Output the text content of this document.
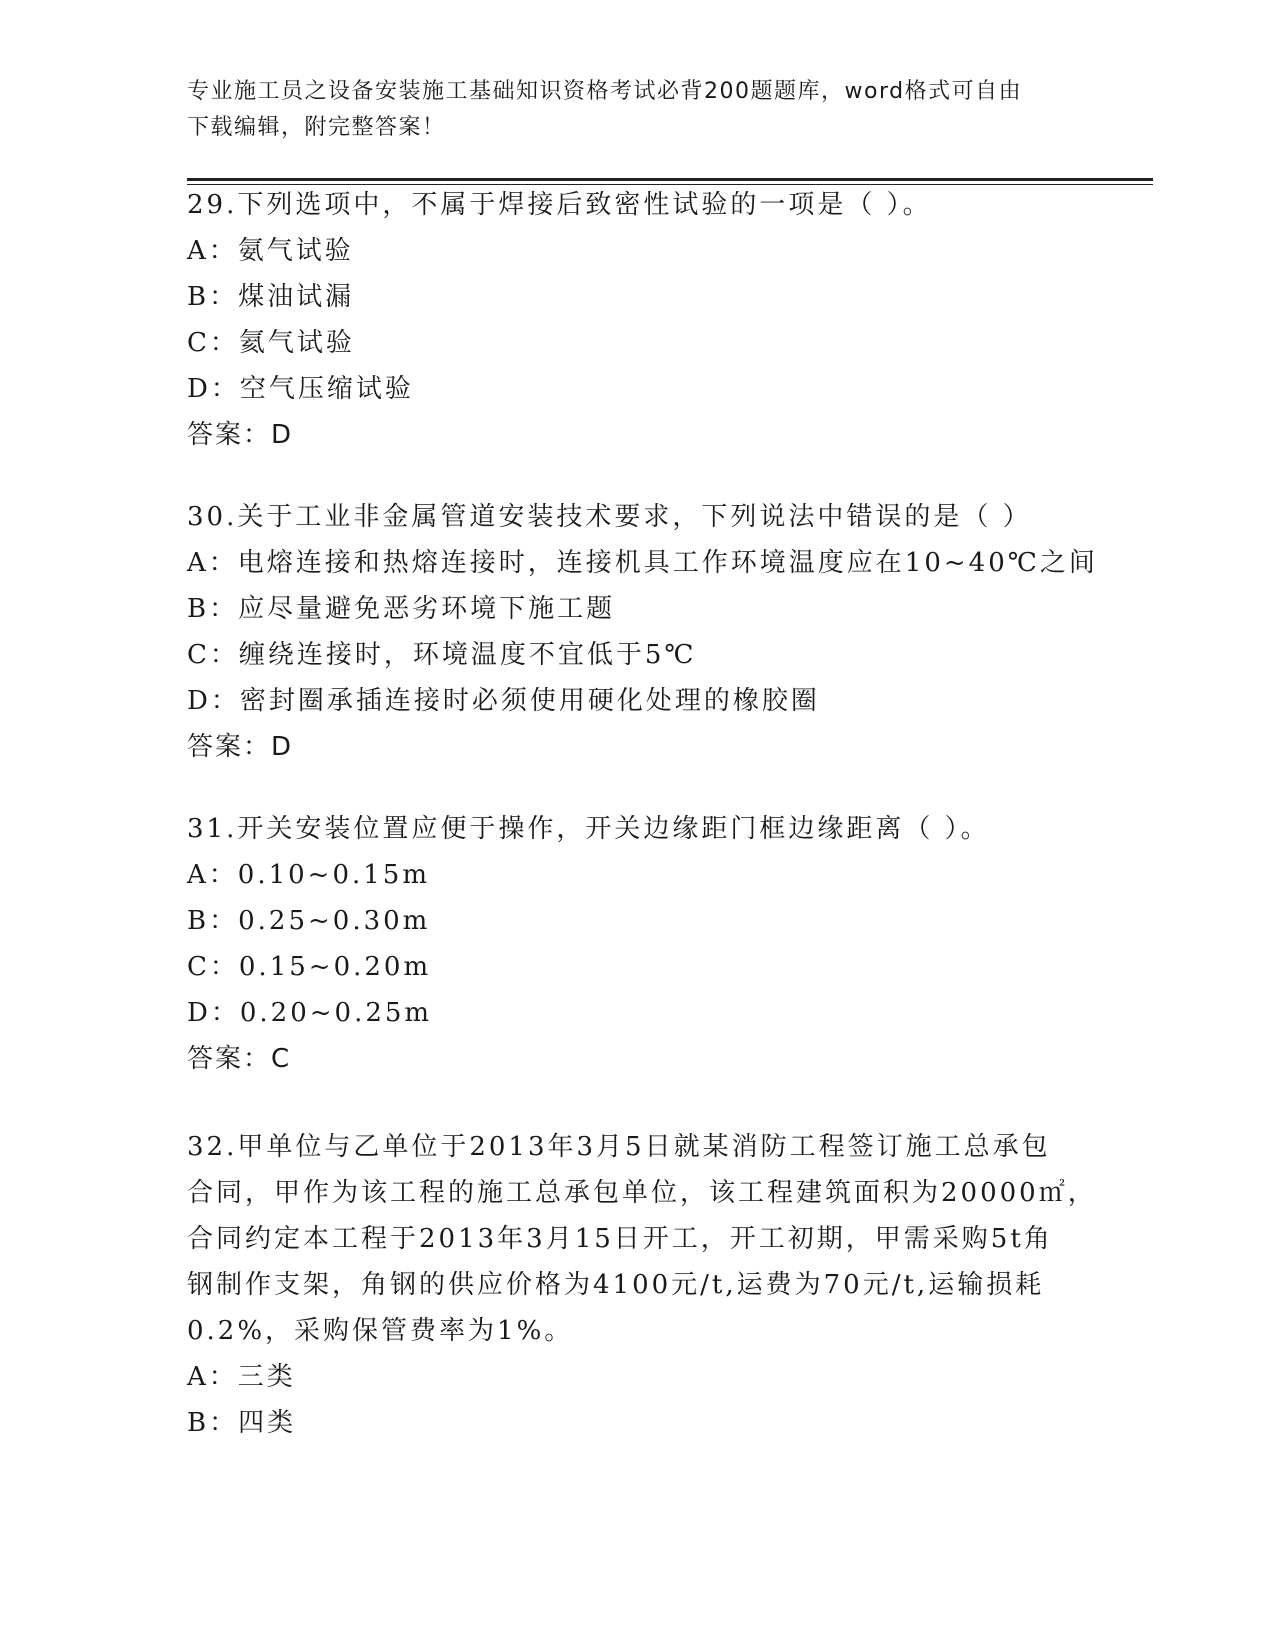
专业施工员之设备安装施工基础知识资格考试必背200题题库，word格式可自由
下载编辑，附完整答案！
29.下列选项中，不属于焊接后致密性试验的一项是（ ）。
A：氨气试验
B：煤油试漏
C：氦气试验
D：空气压缩试验
答案：D
30.关于工业非金属管道安装技术要求，下列说法中错误的是（ ）
A：电熔连接和热熔连接时，连接机具工作环境温度应在10~40℃之间
B：应尽量避免恶劣环境下施工题
C：缠绕连接时，环境温度不宜低于5℃
D：密封圈承插连接时必须使用硬化处理的橡胶圈
答案：D
31.开关安装位置应便于操作，开关边缘距门框边缘距离（ ）。
A：0.10~0.15m
B：0.25~0.30m
C：0.15~0.20m
D：0.20~0.25m
答案：C
32.甲单位与乙单位于2013年3月5日就某消防工程签订施工总承包
合同，甲作为该工程的施工总承包单位，该工程建筑面积为20000㎡，
合同约定本工程于2013年3月15日开工，开工初期，甲需采购5t角
钢制作支架，角钢的供应价格为4100元/t,运费为70元/t,运输损耗
0.2%，采购保管费率为1%。
A：三类
B：四类
